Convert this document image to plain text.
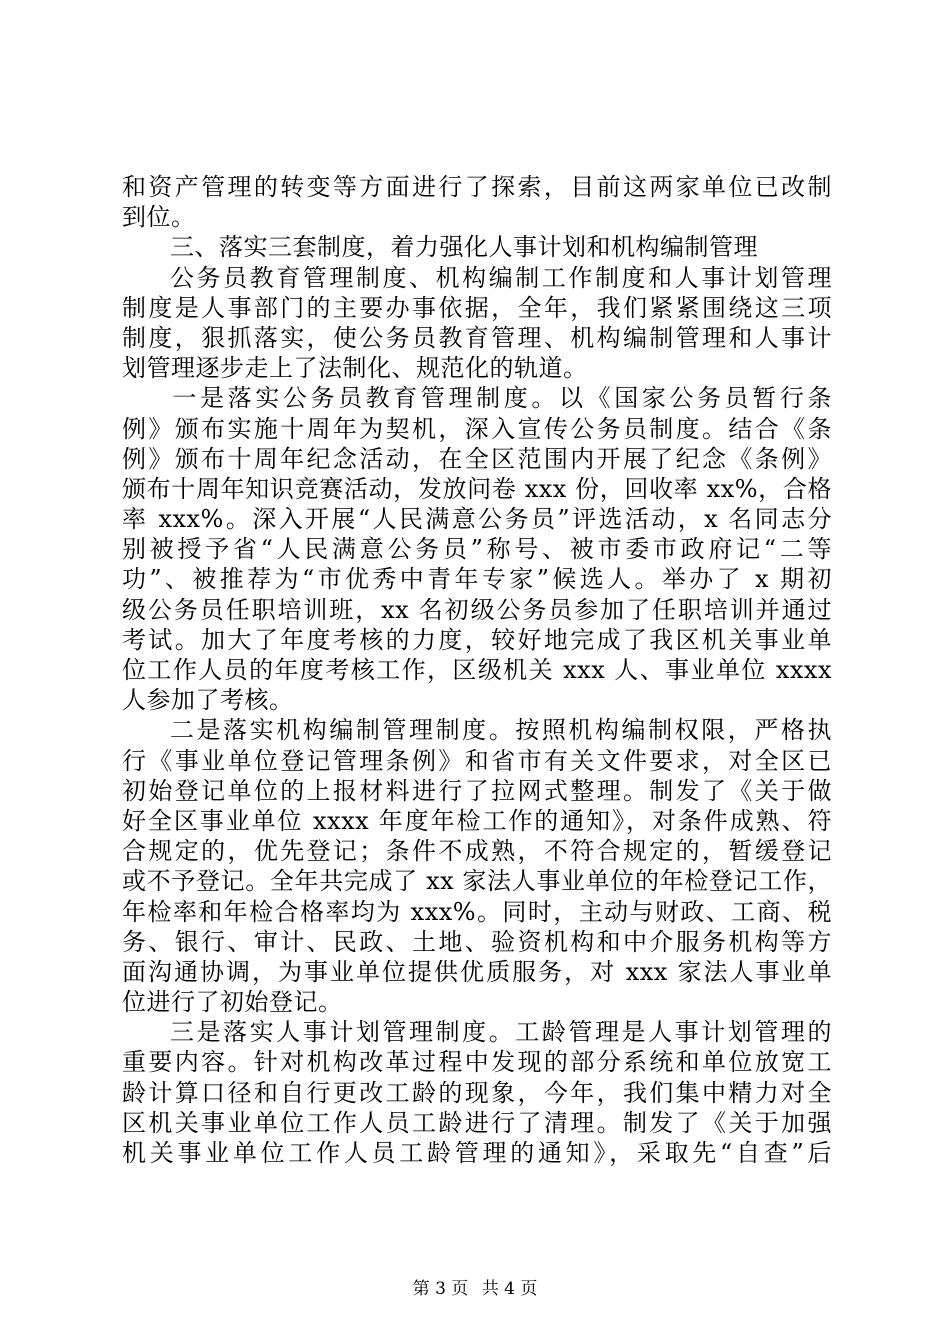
和资产管理的转变等方面进行了探索，目前这两家单位已改制
到位。
三、落实三套制度，着力强化人事计划和机构编制管理
公务员教育管理制度、机构编制工作制度和人事计划管理
制度是人事部门的主要办事依据，全年，我们紧紧围绕这三项
制度，狠抓落实，使公务员教育管理、机构编制管理和人事计
划管理逐步走上了法制化、规范化的轨道。
一是落实公务员教育管理制度。以《国家公务员暂行条
例》颁布实施十周年为契机，深入宣传公务员制度。结合《条
例》颁布十周年纪念活动，在全区范围内开展了纪念《条例》
颁布十周年知识竞赛活动，发放问卷 xxx 份，回收率 xx%，合格
率 xxx%。深入开展“人民满意公务员”评选活动，x 名同志分
别被授予省“人民满意公务员”称号、被市委市政府记“二等
功”、被推荐为“市优秀中青年专家”候选人。举办了 x 期初
级公务员任职培训班，xx 名初级公务员参加了任职培训并通过
考试。加大了年度考核的力度，较好地完成了我区机关事业单
位工作人员的年度考核工作，区级机关 xxx 人、事业单位 xxxx
人参加了考核。
二是落实机构编制管理制度。按照机构编制权限，严格执
行《事业单位登记管理条例》和省市有关文件要求，对全区已
初始登记单位的上报材料进行了拉网式整理。制发了《关于做
好全区事业单位 xxxx 年度年检工作的通知》，对条件成熟、符
合规定的，优先登记；条件不成熟，不符合规定的，暂缓登记
或不予登记。全年共完成了 xx 家法人事业单位的年检登记工作，
年检率和年检合格率均为 xxx%。同时，主动与财政、工商、税
务、银行、审计、民政、土地、验资机构和中介服务机构等方
面沟通协调，为事业单位提供优质服务，对 xxx 家法人事业单
位进行了初始登记。
三是落实人事计划管理制度。工龄管理是人事计划管理的
重要内容。针对机构改革过程中发现的部分系统和单位放宽工
龄计算口径和自行更改工龄的现象，今年，我们集中精力对全
区机关事业单位工作人员工龄进行了清理。制发了《关于加强
机关事业单位工作人员工龄管理的通知》，采取先“自查”后
第 3 页 共 4 页
